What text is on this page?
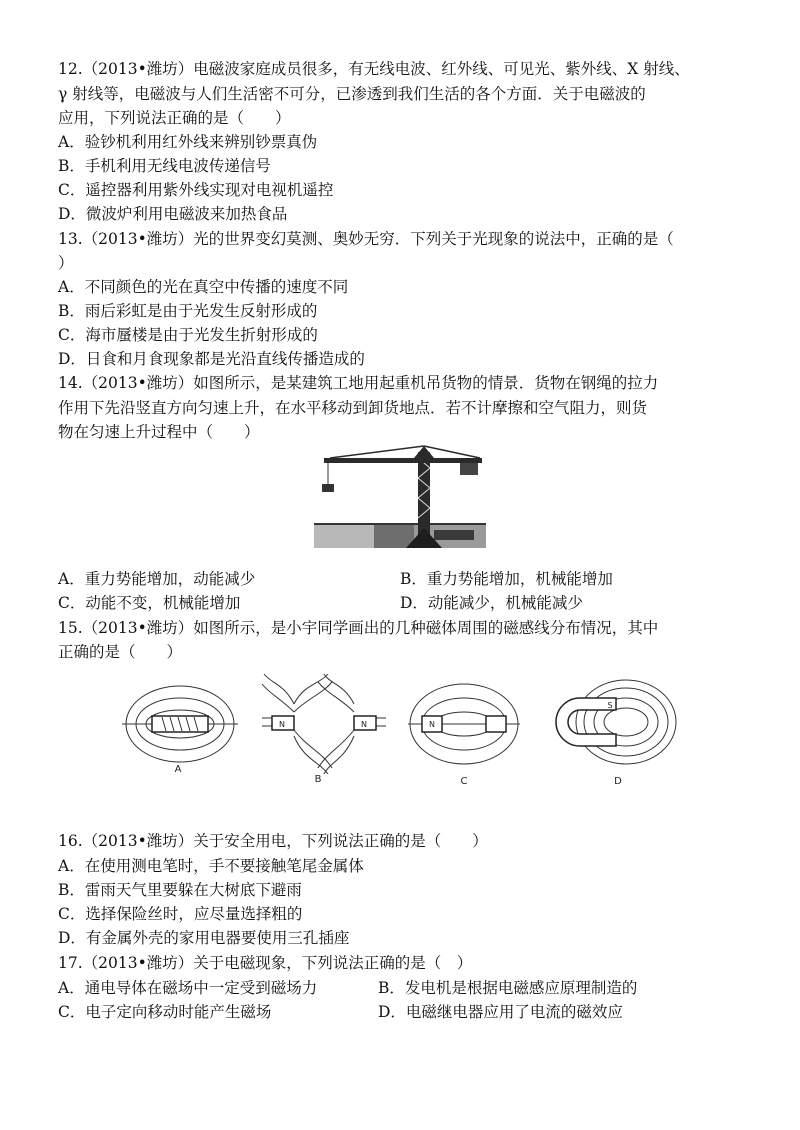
12.（2013•潍坊）电磁波家庭成员很多，有无线电波、红外线、可见光、紫外线、X 射线、
γ 射线等，电磁波与人们生活密不可分，已渗透到我们生活的各个方面．关于电磁波的
应用，下列说法正确的是（　　）
A．验钞机利用红外线来辨别钞票真伪
B．手机利用无线电波传递信号
C．遥控器利用紫外线实现对电视机遥控
D．微波炉利用电磁波来加热食品
13.（2013•潍坊）光的世界变幻莫测、奥妙无穷．下列关于光现象的说法中，正确的是（
）
A．不同颜色的光在真空中传播的速度不同
B．雨后彩虹是由于光发生反射形成的
C．海市蜃楼是由于光发生折射形成的
D．日食和月食现象都是光沿直线传播造成的
14.（2013•潍坊）如图所示，是某建筑工地用起重机吊货物的情景．货物在钢绳的拉力
作用下先沿竖直方向匀速上升，在水平移动到卸货地点．若不计摩擦和空气阻力，则货
物在匀速上升过程中（　　）
A．重力势能增加，动能减少	B．重力势能增加，机械能增加
C．动能不变，机械能增加	D．动能减少，机械能减少
15.（2013•潍坊）如图所示，是小宇同学画出的几种磁体周围的磁感线分布情况，其中
正确的是（　　）
A
B	C	D
N	N	N
S
16.（2013•潍坊）关于安全用电，下列说法正确的是（　　）
A．在使用测电笔时，手不要接触笔尾金属体
B．雷雨天气里要躲在大树底下避雨
C．选择保险丝时，应尽量选择粗的
D．有金属外壳的家用电器要使用三孔插座
17.（2013•潍坊）关于电磁现象，下列说法正确的是（　）
A．通电导体在磁场中一定受到磁场力	B．发电机是根据电磁感应原理制造的
C．电子定向移动时能产生磁场	D．电磁继电器应用了电流的磁效应
